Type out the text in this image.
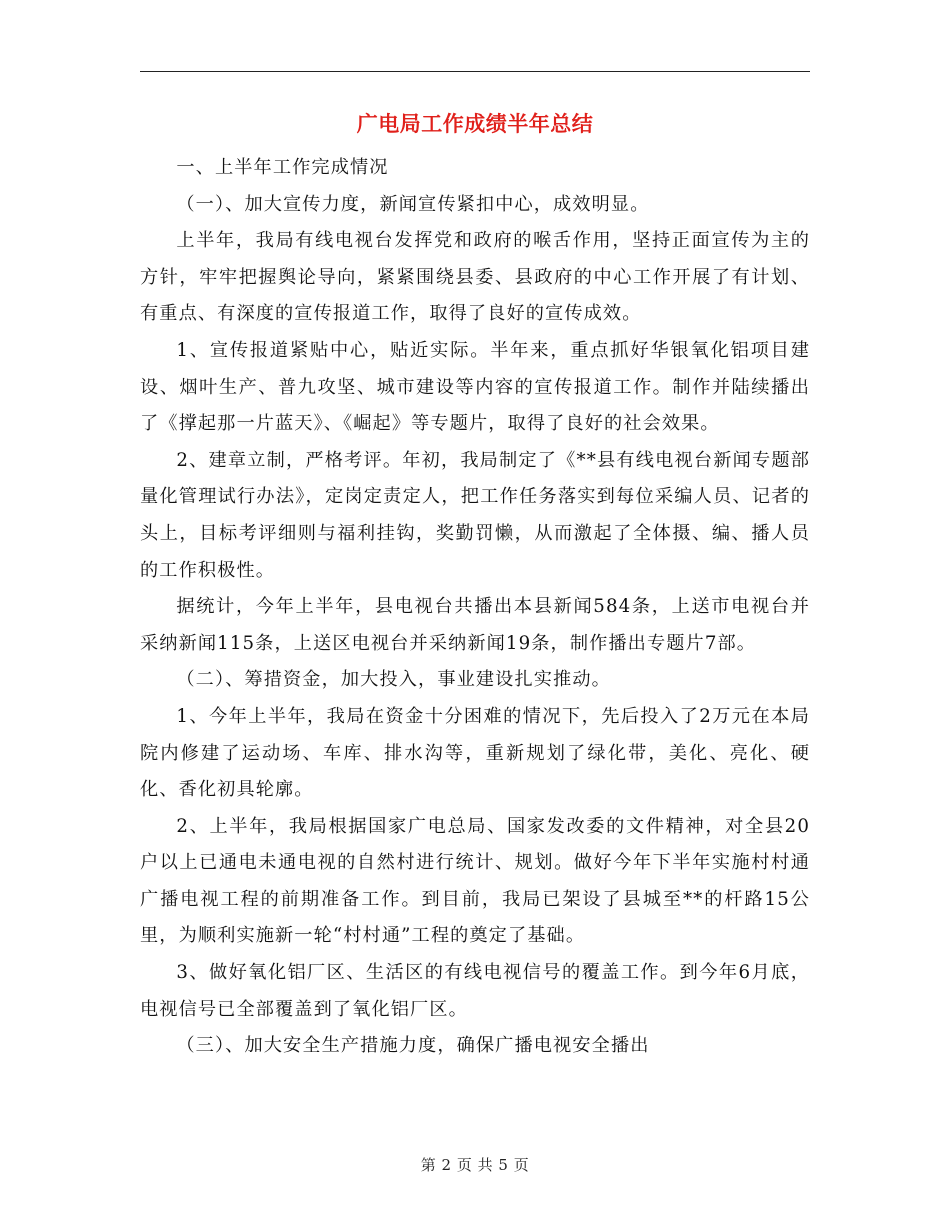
广电局工作成绩半年总结

一、上半年工作完成情况

（一）、加大宣传力度，新闻宣传紧扣中心，成效明显。

上半年，我局有线电视台发挥党和政府的喉舌作用，坚持正面宣传为主的方针，牢牢把握舆论导向，紧紧围绕县委、县政府的中心工作开展了有计划、有重点、有深度的宣传报道工作，取得了良好的宣传成效。

1、宣传报道紧贴中心，贴近实际。半年来，重点抓好华银氧化铝项目建设、烟叶生产、普九攻坚、城市建设等内容的宣传报道工作。制作并陆续播出了《撑起那一片蓝天》、《崛起》等专题片，取得了良好的社会效果。

2、建章立制，严格考评。年初，我局制定了《**县有线电视台新闻专题部量化管理试行办法》，定岗定责定人，把工作任务落实到每位采编人员、记者的头上，目标考评细则与福利挂钩，奖勤罚懒，从而激起了全体摄、编、播人员的工作积极性。

据统计，今年上半年，县电视台共播出本县新闻584条，上送市电视台并采纳新闻115条，上送区电视台并采纳新闻19条，制作播出专题片7部。

（二）、筹措资金，加大投入，事业建设扎实推动。

1、今年上半年，我局在资金十分困难的情况下，先后投入了2万元在本局院内修建了运动场、车库、排水沟等，重新规划了绿化带，美化、亮化、硬化、香化初具轮廓。

2、上半年，我局根据国家广电总局、国家发改委的文件精神，对全县20户以上已通电未通电视的自然村进行统计、规划。做好今年下半年实施村村通广播电视工程的前期准备工作。到目前，我局已架设了县城至**的杆路15公里，为顺利实施新一轮“村村通”工程的奠定了基础。

3、做好氧化铝厂区、生活区的有线电视信号的覆盖工作。到今年6月底，电视信号已全部覆盖到了氧化铝厂区。

（三）、加大安全生产措施力度，确保广播电视安全播出

第 2 页 共 5 页
